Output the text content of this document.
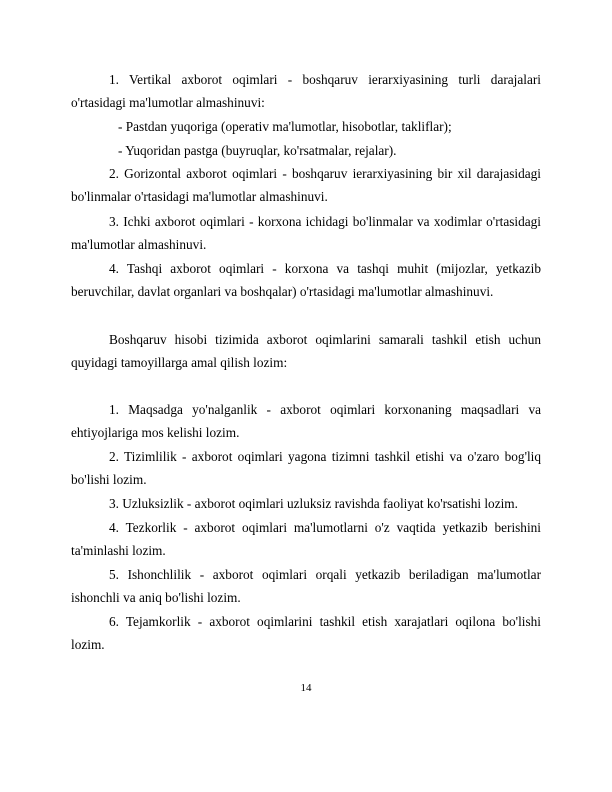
1. Vertikal axborot oqimlari - boshqaruv ierarxiyasining turli darajalari o'rtasidagi ma'lumotlar almashinuvi:

- Pastdan yuqoriga (operativ ma'lumotlar, hisobotlar, takliflar);

- Yuqoridan pastga (buyruqlar, ko'rsatmalar, rejalar).

2. Gorizontal axborot oqimlari - boshqaruv ierarxiyasining bir xil darajasidagi bo'linmalar o'rtasidagi ma'lumotlar almashinuvi.

3. Ichki axborot oqimlari - korxona ichidagi bo'linmalar va xodimlar o'rtasidagi ma'lumotlar almashinuvi.

4. Tashqi axborot oqimlari - korxona va tashqi muhit (mijozlar, yetkazib beruvchilar, davlat organlari va boshqalar) o'rtasidagi ma'lumotlar almashinuvi.

Boshqaruv hisobi tizimida axborot oqimlarini samarali tashkil etish uchun quyidagi tamoyillarga amal qilish lozim:

1. Maqsadga yo'nalganlik - axborot oqimlari korxonaning maqsadlari va ehtiyojlariga mos kelishi lozim.

2. Tizimlilik - axborot oqimlari yagona tizimni tashkil etishi va o'zaro bog'liq bo'lishi lozim.

3. Uzluksizlik - axborot oqimlari uzluksiz ravishda faoliyat ko'rsatishi lozim.

4. Tezkorlik - axborot oqimlari ma'lumotlarni o'z vaqtida yetkazib berishini ta'minlashi lozim.

5. Ishonchlilik - axborot oqimlari orqali yetkazib beriladigan ma'lumotlar ishonchli va aniq bo'lishi lozim.

6. Tejamkorlik - axborot oqimlarini tashkil etish xarajatlari oqilona bo'lishi lozim.

14
